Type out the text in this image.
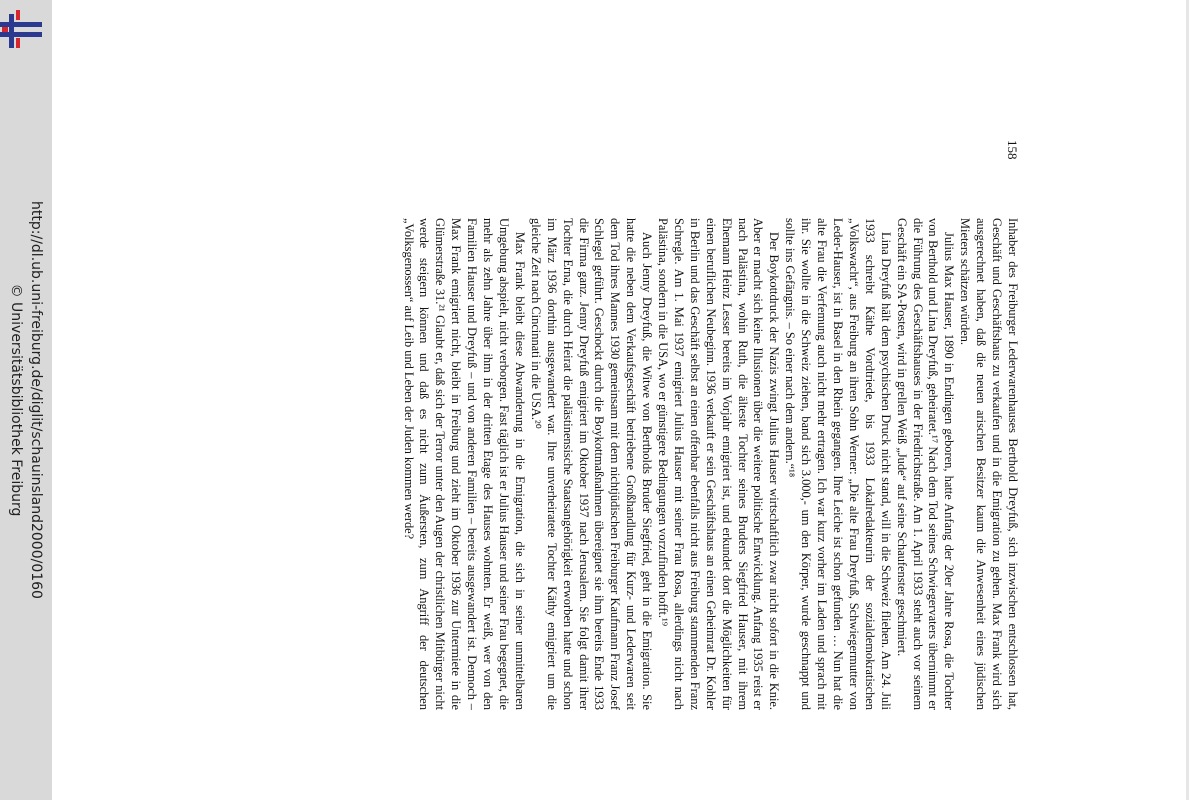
http://dl.ub.uni-freiburg.de/diglit/schauinsland2000/0160
© Universitätsbibliothek Freiburg
158

Inhaber des Freiburger Lederwarenhauses Berthold Dreyfuß, sich inzwischen entschlossen hat, Geschäft und Geschäftshaus zu verkaufen und in die Emigration zu gehen. Max Frank wird sich ausgerechnet haben, daß die neuen arischen Besitzer kaum die Anwesenheit eines jüdischen Mieters schätzen würden.

Julius Max Hauser, 1890 in Endingen geboren, hatte Anfang der 20er Jahre Rosa, die Tochter von Berthold und Lina Dreyfuß, geheiratet.¹⁷ Nach dem Tod seines Schwiegervaters übernimmt er die Führung des Geschäftshauses in der Friedrichstraße. Am 1. April 1933 steht auch vor seinem Geschäft ein SA-Posten, wird in grellen Weiß „Jude“ auf seine Schaufenster geschmiert.

Lina Dreyfuß hält dem psychischen Druck nicht stand, will in die Schweiz fliehen. Am 24. Juli 1933 schreibt Käthe Vordtriede, bis 1933 Lokalredakteurin der sozialdemokratischen „Volkswacht“, aus Freiburg an ihren Sohn Werner: „Die alte Frau Dreyfuß, Schwiegermutter von Leder-Hauser, ist in Basel in den Rhein gegangen. Ihre Leiche ist schon gefunden … Nun hat die alte Frau die Verfemung auch nicht mehr ertragen. Ich war kurz vorher im Laden und sprach mit ihr. Sie wollte in die Schweiz ziehen, band sich 3.000,- um den Körper, wurde geschnappt und sollte ins Gefängnis. – So einer nach dem andern.“¹⁸

Der Boykottdruck der Nazis zwingt Julius Hauser wirtschaftlich zwar nicht sofort in die Knie. Aber er macht sich keine Illusionen über die weitere politische Entwicklung. Anfang 1935 reist er nach Palästina, wohin Ruth, die älteste Tochter seines Bruders Siegfried Hauser, mit ihrem Ehemann Heinz Lesser bereits im Vorjahr emigriert ist, und erkundet dort die Möglichkeiten für einen beruflichen Neubeginn. 1936 verkauft er sein Geschäftshaus an einen Geheimrat Dr. Kohler in Berlin und das Geschäft selbst an einen offenbar ebenfalls nicht aus Freiburg stammenden Franz Schregle. Am 1. Mai 1937 emigriert Julius Hauser mit seiner Frau Rosa, allerdings nicht nach Palästina, sondern in die USA, wo er günstigere Bedingungen vorzufinden hofft.¹⁹

Auch Jenny Dreyfuß, die Witwe von Bertholds Bruder Siegfried, geht in die Emigration. Sie hatte die neben dem Verkaufsgeschäft betriebene Großhandlung für Kurz- und Lederwaren seit dem Tod ihres Mannes 1930 gemeinsam mit dem nichtjüdischen Freiburger Kaufmann Franz Josef Schlegel geführt. Geschockt durch die Boykottmaßnahmen übereignet sie ihm bereits Ende 1933 die Firma ganz. Jenny Dreyfuß emigriert im Oktober 1937 nach Jerusalem. Sie folgt damit ihrer Tochter Erna, die durch Heirat die palästinensische Staatsangehörigkeit erworben hatte und schon im März 1936 dorthin ausgewandert war. Ihre unverheiratete Tochter Käthy emigriert um die gleiche Zeit nach Cincinnati in die USA.²⁰

Max Frank bleibt diese Abwanderung in die Emigration, die sich in seiner unmittelbaren Umgebung abspielt, nicht verborgen. Fast täglich ist er Julius Hauser und seiner Frau begegnet, die mehr als zehn Jahre über ihm in der dritten Etage des Hauses wohnten. Er weiß, wer von den Familien Hauser und Dreyfuß – und von anderen Familien – bereits ausgewandert ist. Dennoch – Max Frank emigriert nicht, bleibt in Freiburg und zieht im Oktober 1936 zur Untermiete in die Glümerstraße 31.²¹ Glaubt er, daß sich der Terror unter den Augen der christlichen Mitbürger nicht werde steigern können und daß es nicht zum Äußersten, zum Angriff der deutschen „Volksgenossen“ auf Leib und Leben der Juden kommen werde?
